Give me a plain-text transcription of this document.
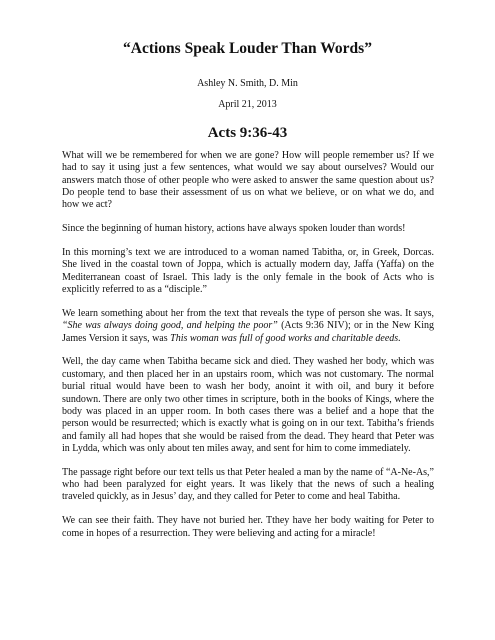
“Actions Speak Louder Than Words”
Ashley N. Smith, D. Min
April 21, 2013
Acts 9:36-43

What will we be remembered for when we are gone? How will people remember us? If we had to say it using just a few sentences, what would we say about ourselves? Would our answers match those of other people who were asked to answer the same question about us? Do people tend to base their assessment of us on what we believe, or on what we do, and how we act?

Since the beginning of human history, actions have always spoken louder than words!

In this morning’s text we are introduced to a woman named Tabitha, or, in Greek, Dorcas. She lived in the coastal town of Joppa, which is actually modern day, Jaffa (Yaffa) on the Mediterranean coast of Israel. This lady is the only female in the book of Acts who is explicitly referred to as a “disciple.”

We learn something about her from the text that reveals the type of person she was. It says, “She was always doing good, and helping the poor” (Acts 9:36 NIV); or in the New King James Version it says, was This woman was full of good works and charitable deeds.

Well, the day came when Tabitha became sick and died. They washed her body, which was customary, and then placed her in an upstairs room, which was not customary. The normal burial ritual would have been to wash her body, anoint it with oil, and bury it before sundown. There are only two other times in scripture, both in the books of Kings, where the body was placed in an upper room. In both cases there was a belief and a hope that the person would be resurrected; which is exactly what is going on in our text. Tabitha’s friends and family all had hopes that she would be raised from the dead. They heard that Peter was in Lydda, which was only about ten miles away, and sent for him to come immediately.

The passage right before our text tells us that Peter healed a man by the name of “A-Ne-As,” who had been paralyzed for eight years. It was likely that the news of such a healing traveled quickly, as in Jesus’ day, and they called for Peter to come and heal Tabitha.

We can see their faith. They have not buried her. Tthey have her body waiting for Peter to come in hopes of a resurrection. They were believing and acting for a miracle!
